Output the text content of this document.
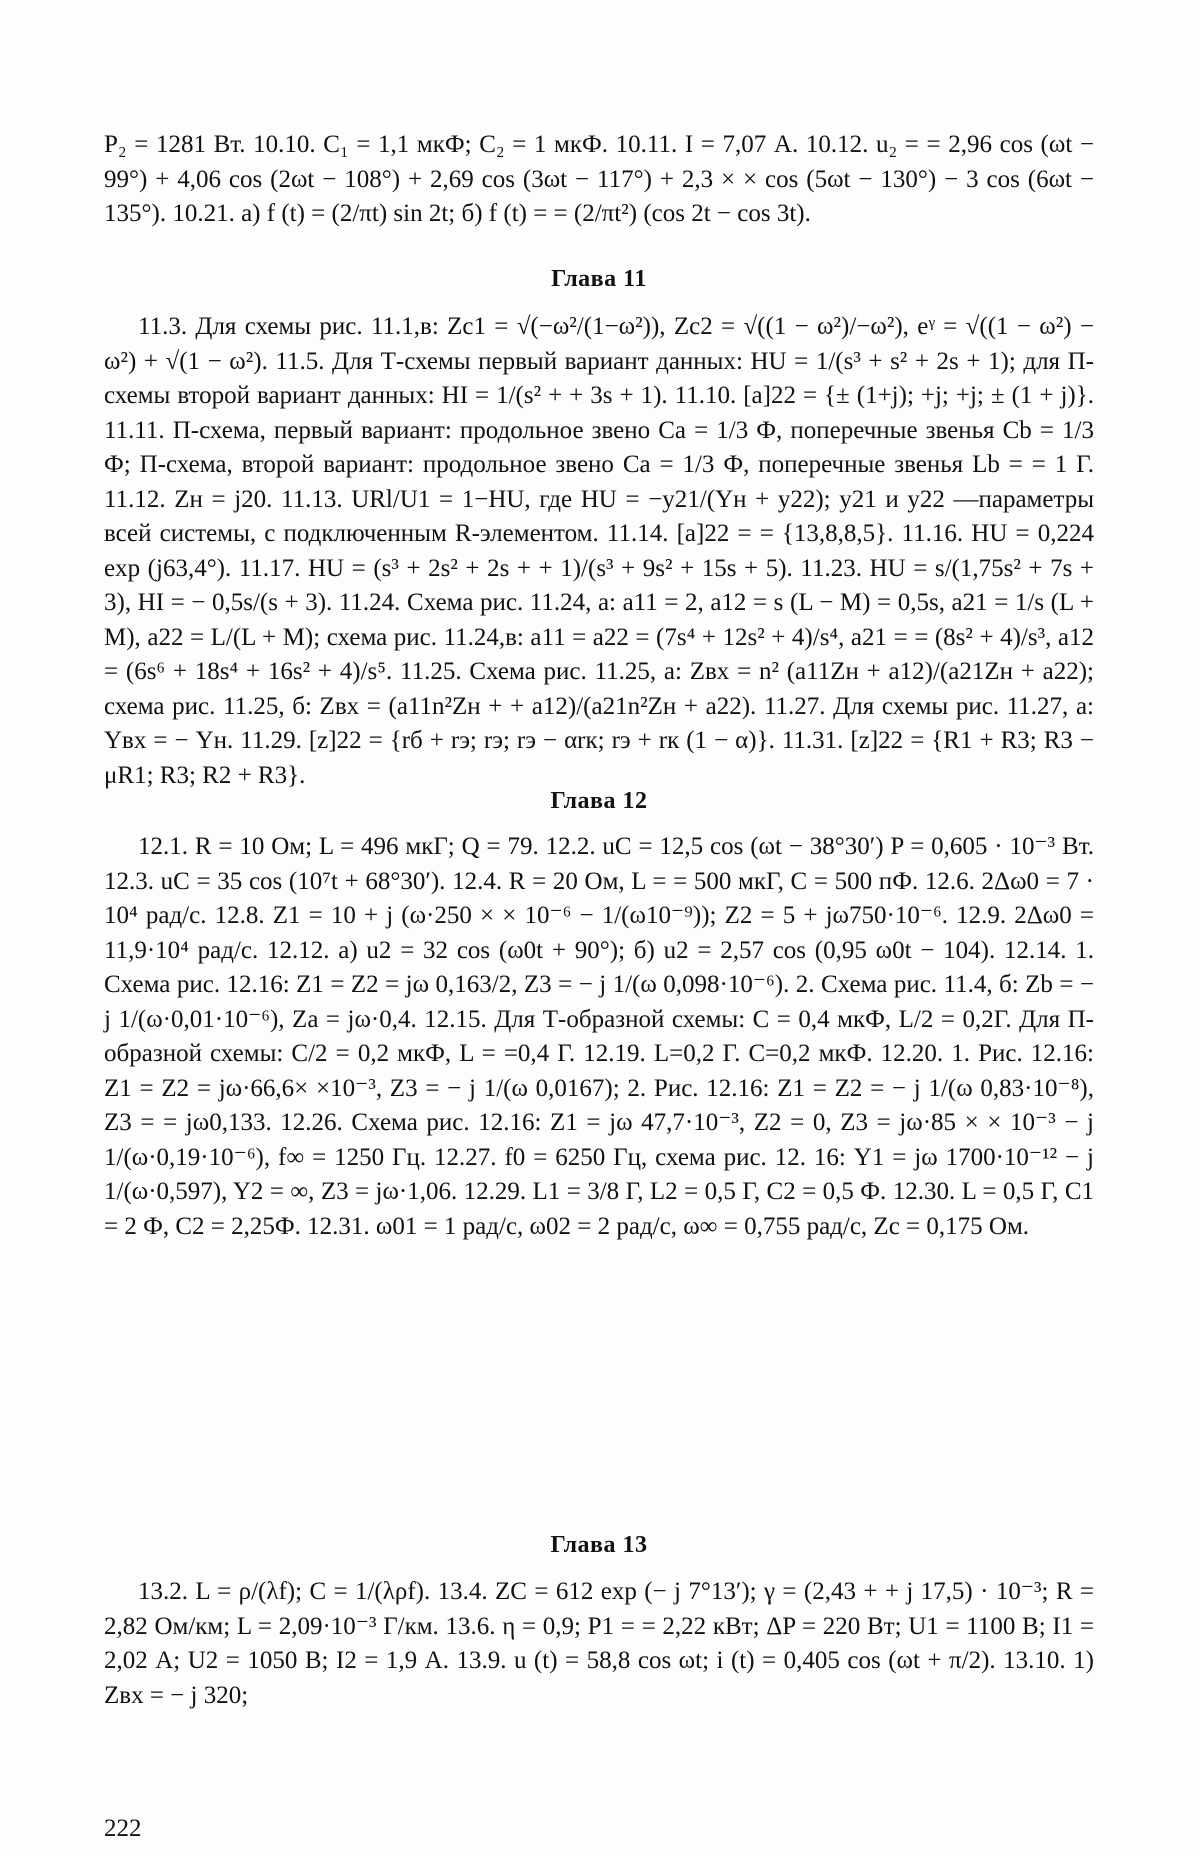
P₂ = 1281 Вт. 10.10. C₁ = 1,1 мкФ; C₂ = 1 мкФ. 10.11. I = 7,07 А. 10.12. u₂ = = 2,96 cos (ωt − 99°) + 4,06 cos (2ωt − 108°) + 2,69 cos (3ωt − 117°) + 2,3 × × cos (5ωt − 130°) − 3 cos (6ωt − 135°). 10.21. а) f (t) = (2/πt) sin 2t; б) f (t) = = (2/πt²) (cos 2t − cos 3t).

Глава 11

11.3. Для схемы рис. 11.1,в: Zc1 = √(−ω²/(1−ω²)), Zc2 = √((1 − ω²)/−ω²), eᵞ = √((1 − ω²) − ω²) + √(1 − ω²). 11.5. Для Т-схемы первый вариант данных: HU = 1/(s³ + s² + 2s + 1); для П-схемы второй вариант данных: HI = 1/(s² + + 3s + 1). 11.10. [a]22 = {± (1+j); +j; +j; ± (1 + j)}. 11.11. П-схема, первый вариант: продольное звено Ca = 1/3 Ф, поперечные звенья Cb = 1/3 Ф; П-схема, второй вариант: продольное звено Ca = 1/3 Ф, поперечные звенья Lb = = 1 Г. 11.12. Zн = j20. 11.13. URl/U1 = 1−HU, где HU = −y21/(Yн + y22); y21 и y22 —параметры всей системы, с подключенным R-элементом. 11.14. [a]22 = = {13,8,8,5}. 11.16. HU = 0,224 exp (j63,4°). 11.17. HU = (s³ + 2s² + 2s + + 1)/(s³ + 9s² + 15s + 5). 11.23. HU = s/(1,75s² + 7s + 3), HI = − 0,5s/(s + 3). 11.24. Схема рис. 11.24, а: a11 = 2, a12 = s (L − M) = 0,5s, a21 = 1/s (L + M), a22 = L/(L + M); схема рис. 11.24,в: a11 = a22 = (7s⁴ + 12s² + 4)/s⁴, a21 = = (8s² + 4)/s³, a12 = (6s⁶ + 18s⁴ + 16s² + 4)/s⁵. 11.25. Схема рис. 11.25, а: Zвх = n² (a11Zн + a12)/(a21Zн + a22); схема рис. 11.25, б: Zвх = (a11n²Zн + + a12)/(a21n²Zн + a22). 11.27. Для схемы рис. 11.27, а: Yвх = − Yн. 11.29. [z]22 = {rб + rэ; rэ; rэ − αrк; rэ + rк (1 − α)}. 11.31. [z]22 = {R1 + R3; R3 − μR1; R3; R2 + R3}.

Глава 12

12.1. R = 10 Ом; L = 496 мкГ; Q = 79. 12.2. uC = 12,5 cos (ωt − 38°30′) P = 0,605 · 10⁻³ Вт. 12.3. uC = 35 cos (10⁷t + 68°30′). 12.4. R = 20 Ом, L = = 500 мкГ, C = 500 пФ. 12.6. 2Δω0 = 7 · 10⁴ рад/с. 12.8. Z1 = 10 + j (ω·250 × × 10⁻⁶ − 1/(ω10⁻⁹)); Z2 = 5 + jω750·10⁻⁶. 12.9. 2Δω0 = 11,9·10⁴ рад/с. 12.12. а) u2 = 32 cos (ω0t + 90°); б) u2 = 2,57 cos (0,95 ω0t − 104). 12.14. 1. Схема рис. 12.16: Z1 = Z2 = jω 0,163/2, Z3 = − j 1/(ω 0,098·10⁻⁶). 2. Схема рис. 11.4, б: Zb = − j 1/(ω·0,01·10⁻⁶), Za = jω·0,4. 12.15. Для Т-образной схемы: C = 0,4 мкФ, L/2 = 0,2Г. Для П-образной схемы: C/2 = 0,2 мкФ, L = =0,4 Г. 12.19. L=0,2 Г. C=0,2 мкФ. 12.20. 1. Рис. 12.16: Z1 = Z2 = jω·66,6× ×10⁻³, Z3 = − j 1/(ω 0,0167); 2. Рис. 12.16: Z1 = Z2 = − j 1/(ω 0,83·10⁻⁸), Z3 = = jω0,133. 12.26. Схема рис. 12.16: Z1 = jω 47,7·10⁻³, Z2 = 0, Z3 = jω·85 × × 10⁻³ − j 1/(ω·0,19·10⁻⁶), f∞ = 1250 Гц. 12.27. f0 = 6250 Гц, схема рис. 12. 16: Y1 = jω 1700·10⁻¹² − j 1/(ω·0,597), Y2 = ∞, Z3 = jω·1,06. 12.29. L1 = 3/8 Г, L2 = 0,5 Г, C2 = 0,5 Ф. 12.30. L = 0,5 Г, C1 = 2 Ф, C2 = 2,25Ф. 12.31. ω01 = 1 рад/с, ω02 = 2 рад/с, ω∞ = 0,755 рад/с, Zc = 0,175 Ом.

Глава 13

13.2. L = ρ/(λf); C = 1/(λρf). 13.4. ZC = 612 exp (− j 7°13′); γ = (2,43 + + j 17,5) · 10⁻³; R = 2,82 Ом/км; L = 2,09·10⁻³ Г/км. 13.6. η = 0,9; P1 = = 2,22 кВт; ΔP = 220 Вт; U1 = 1100 В; I1 = 2,02 А; U2 = 1050 В; I2 = 1,9 А. 13.9. u (t) = 58,8 cos ωt; i (t) = 0,405 cos (ωt + π/2). 13.10. 1) Zвх = − j 320;

222
